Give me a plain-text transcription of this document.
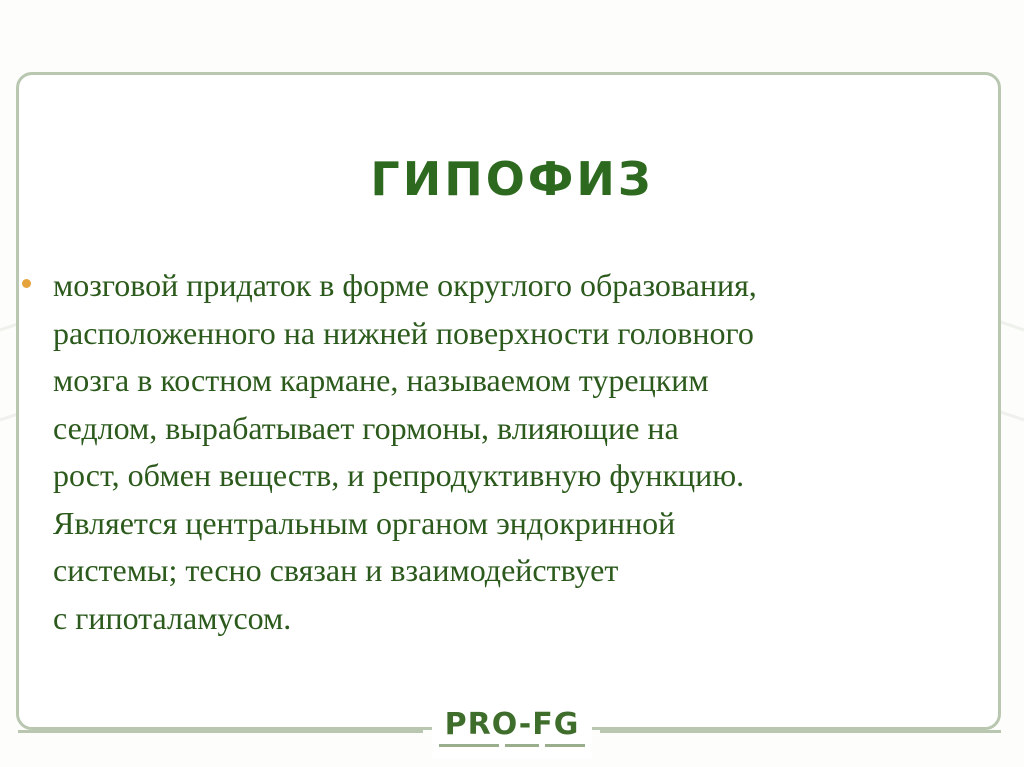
ГИПОФИЗ
мозговой придаток в форме округлого образования,
расположенного на нижней поверхности головного
мозга в костном кармане, называемом турецким
седлом, вырабатывает гормоны, влияющие на
рост, обмен веществ, и репродуктивную функцию.
Является центральным органом эндокринной
системы; тесно связан и взаимодействует
с гипоталамусом.
PRO-FG
